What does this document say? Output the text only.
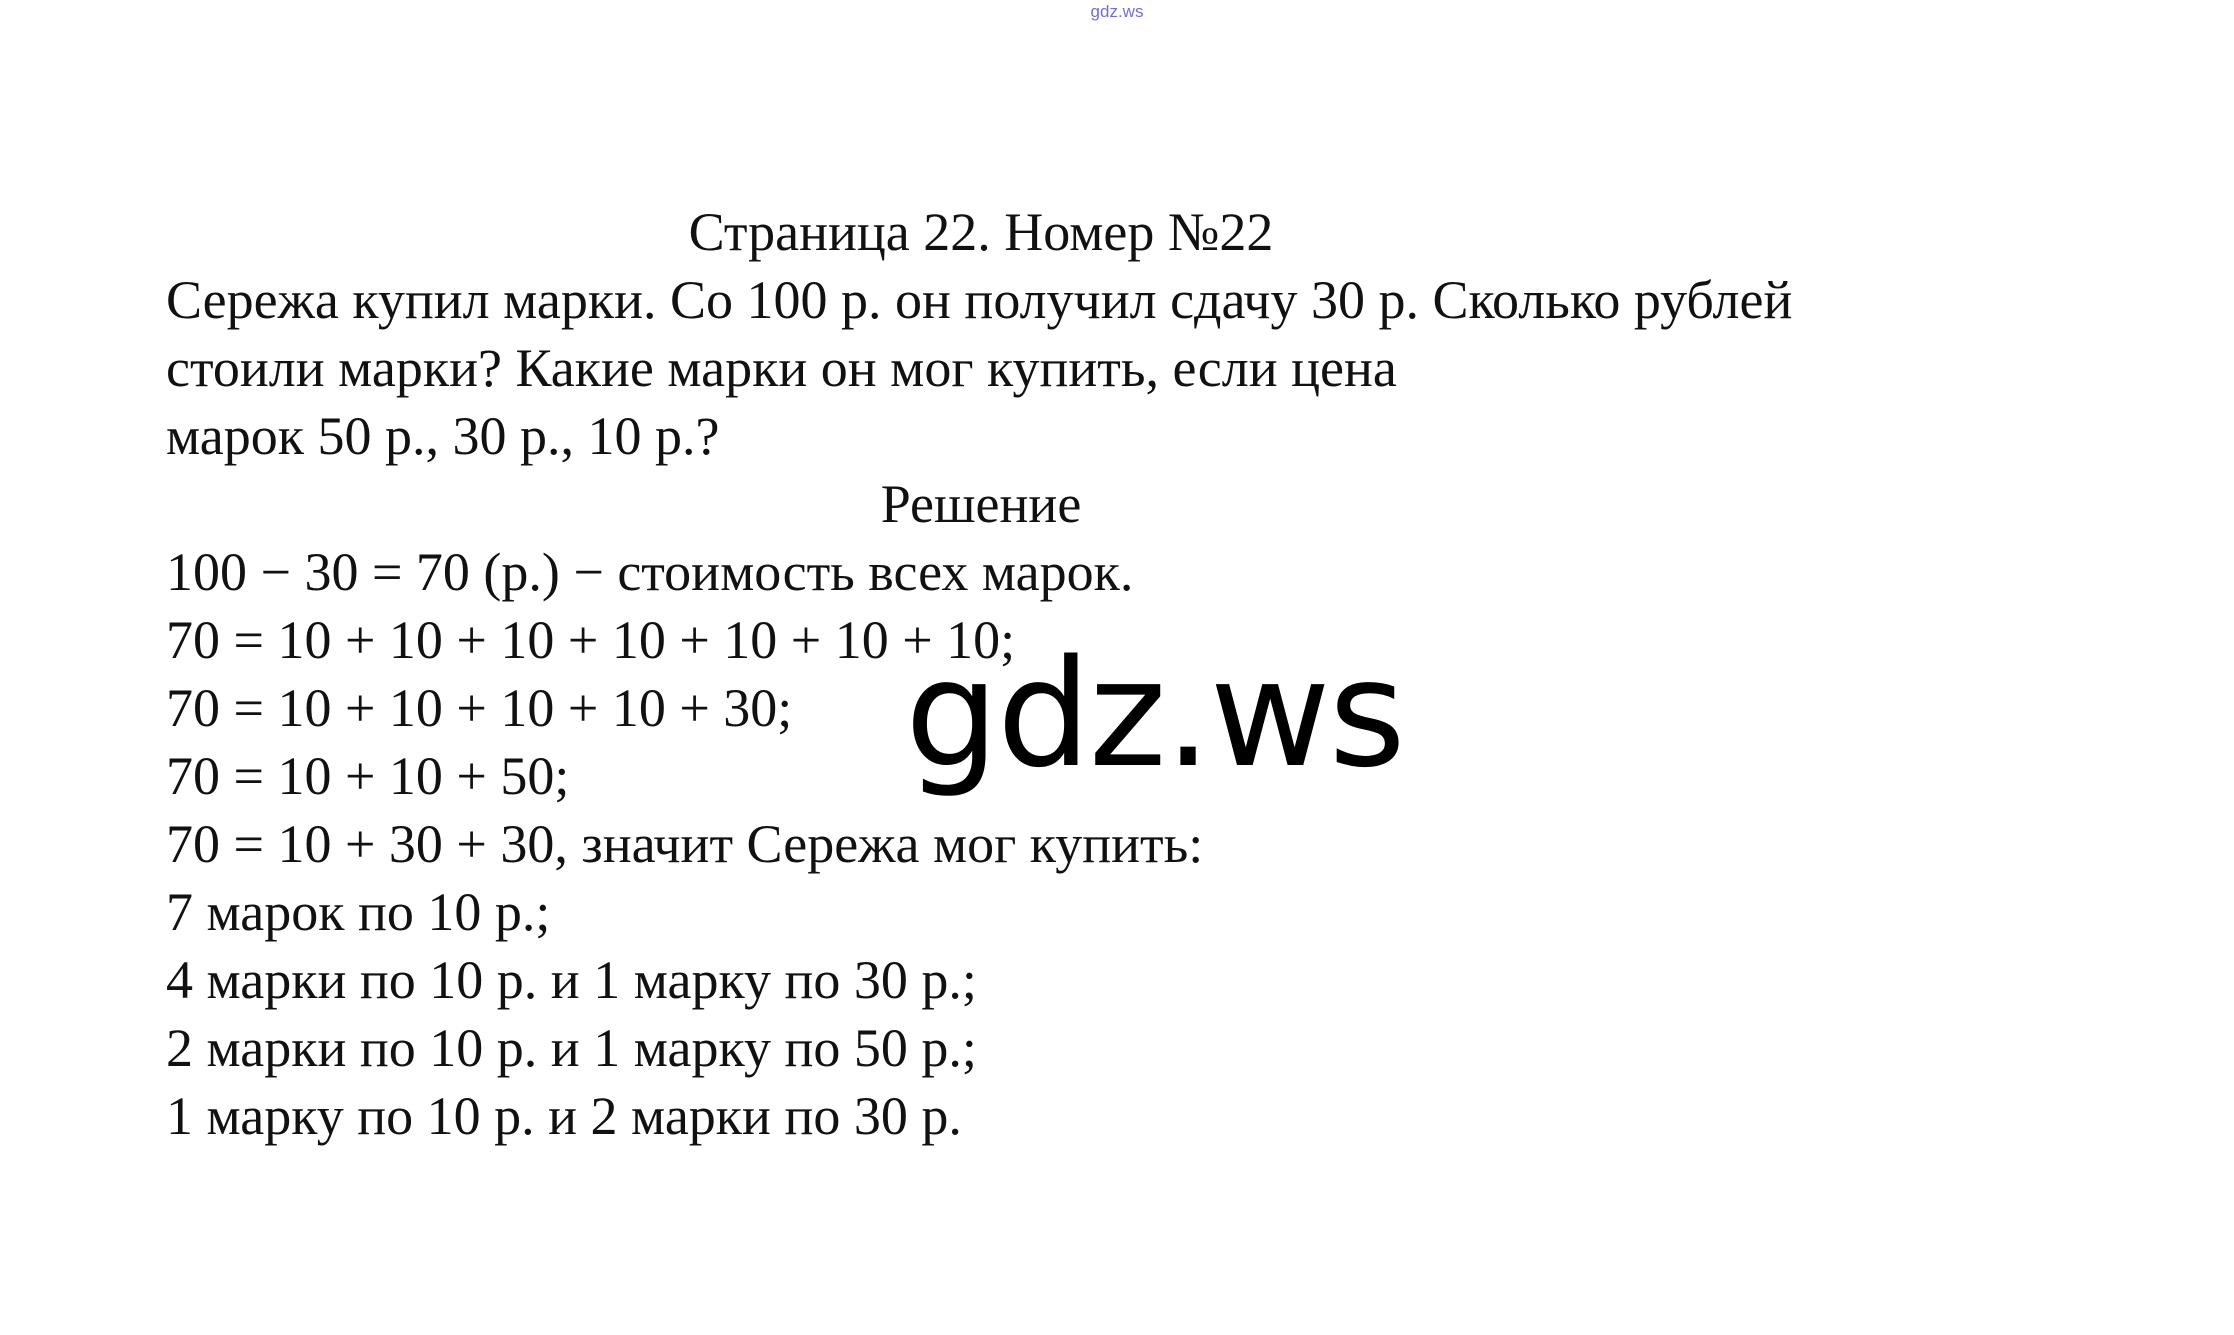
gdz.ws
Страница 22. Номер №22
Сережа купил марки. Со 100 р. он получил сдачу 30 р. Сколько рублей
стоили марки? Какие марки он мог купить, если цена
марок 50 р., 30 р., 10 р.?
Решение
100 − 30 = 70 (р.) − стоимость всех марок.
70 = 10 + 10 + 10 + 10 + 10 + 10 + 10;
70 = 10 + 10 + 10 + 10 + 30;
70 = 10 + 10 + 50;
70 = 10 + 30 + 30, значит Сережа мог купить:
7 марок по 10 р.;
4 марки по 10 р. и 1 марку по 30 р.;
2 марки по 10 р. и 1 марку по 50 р.;
1 марку по 10 р. и 2 марки по 30 р.
gdz.ws
